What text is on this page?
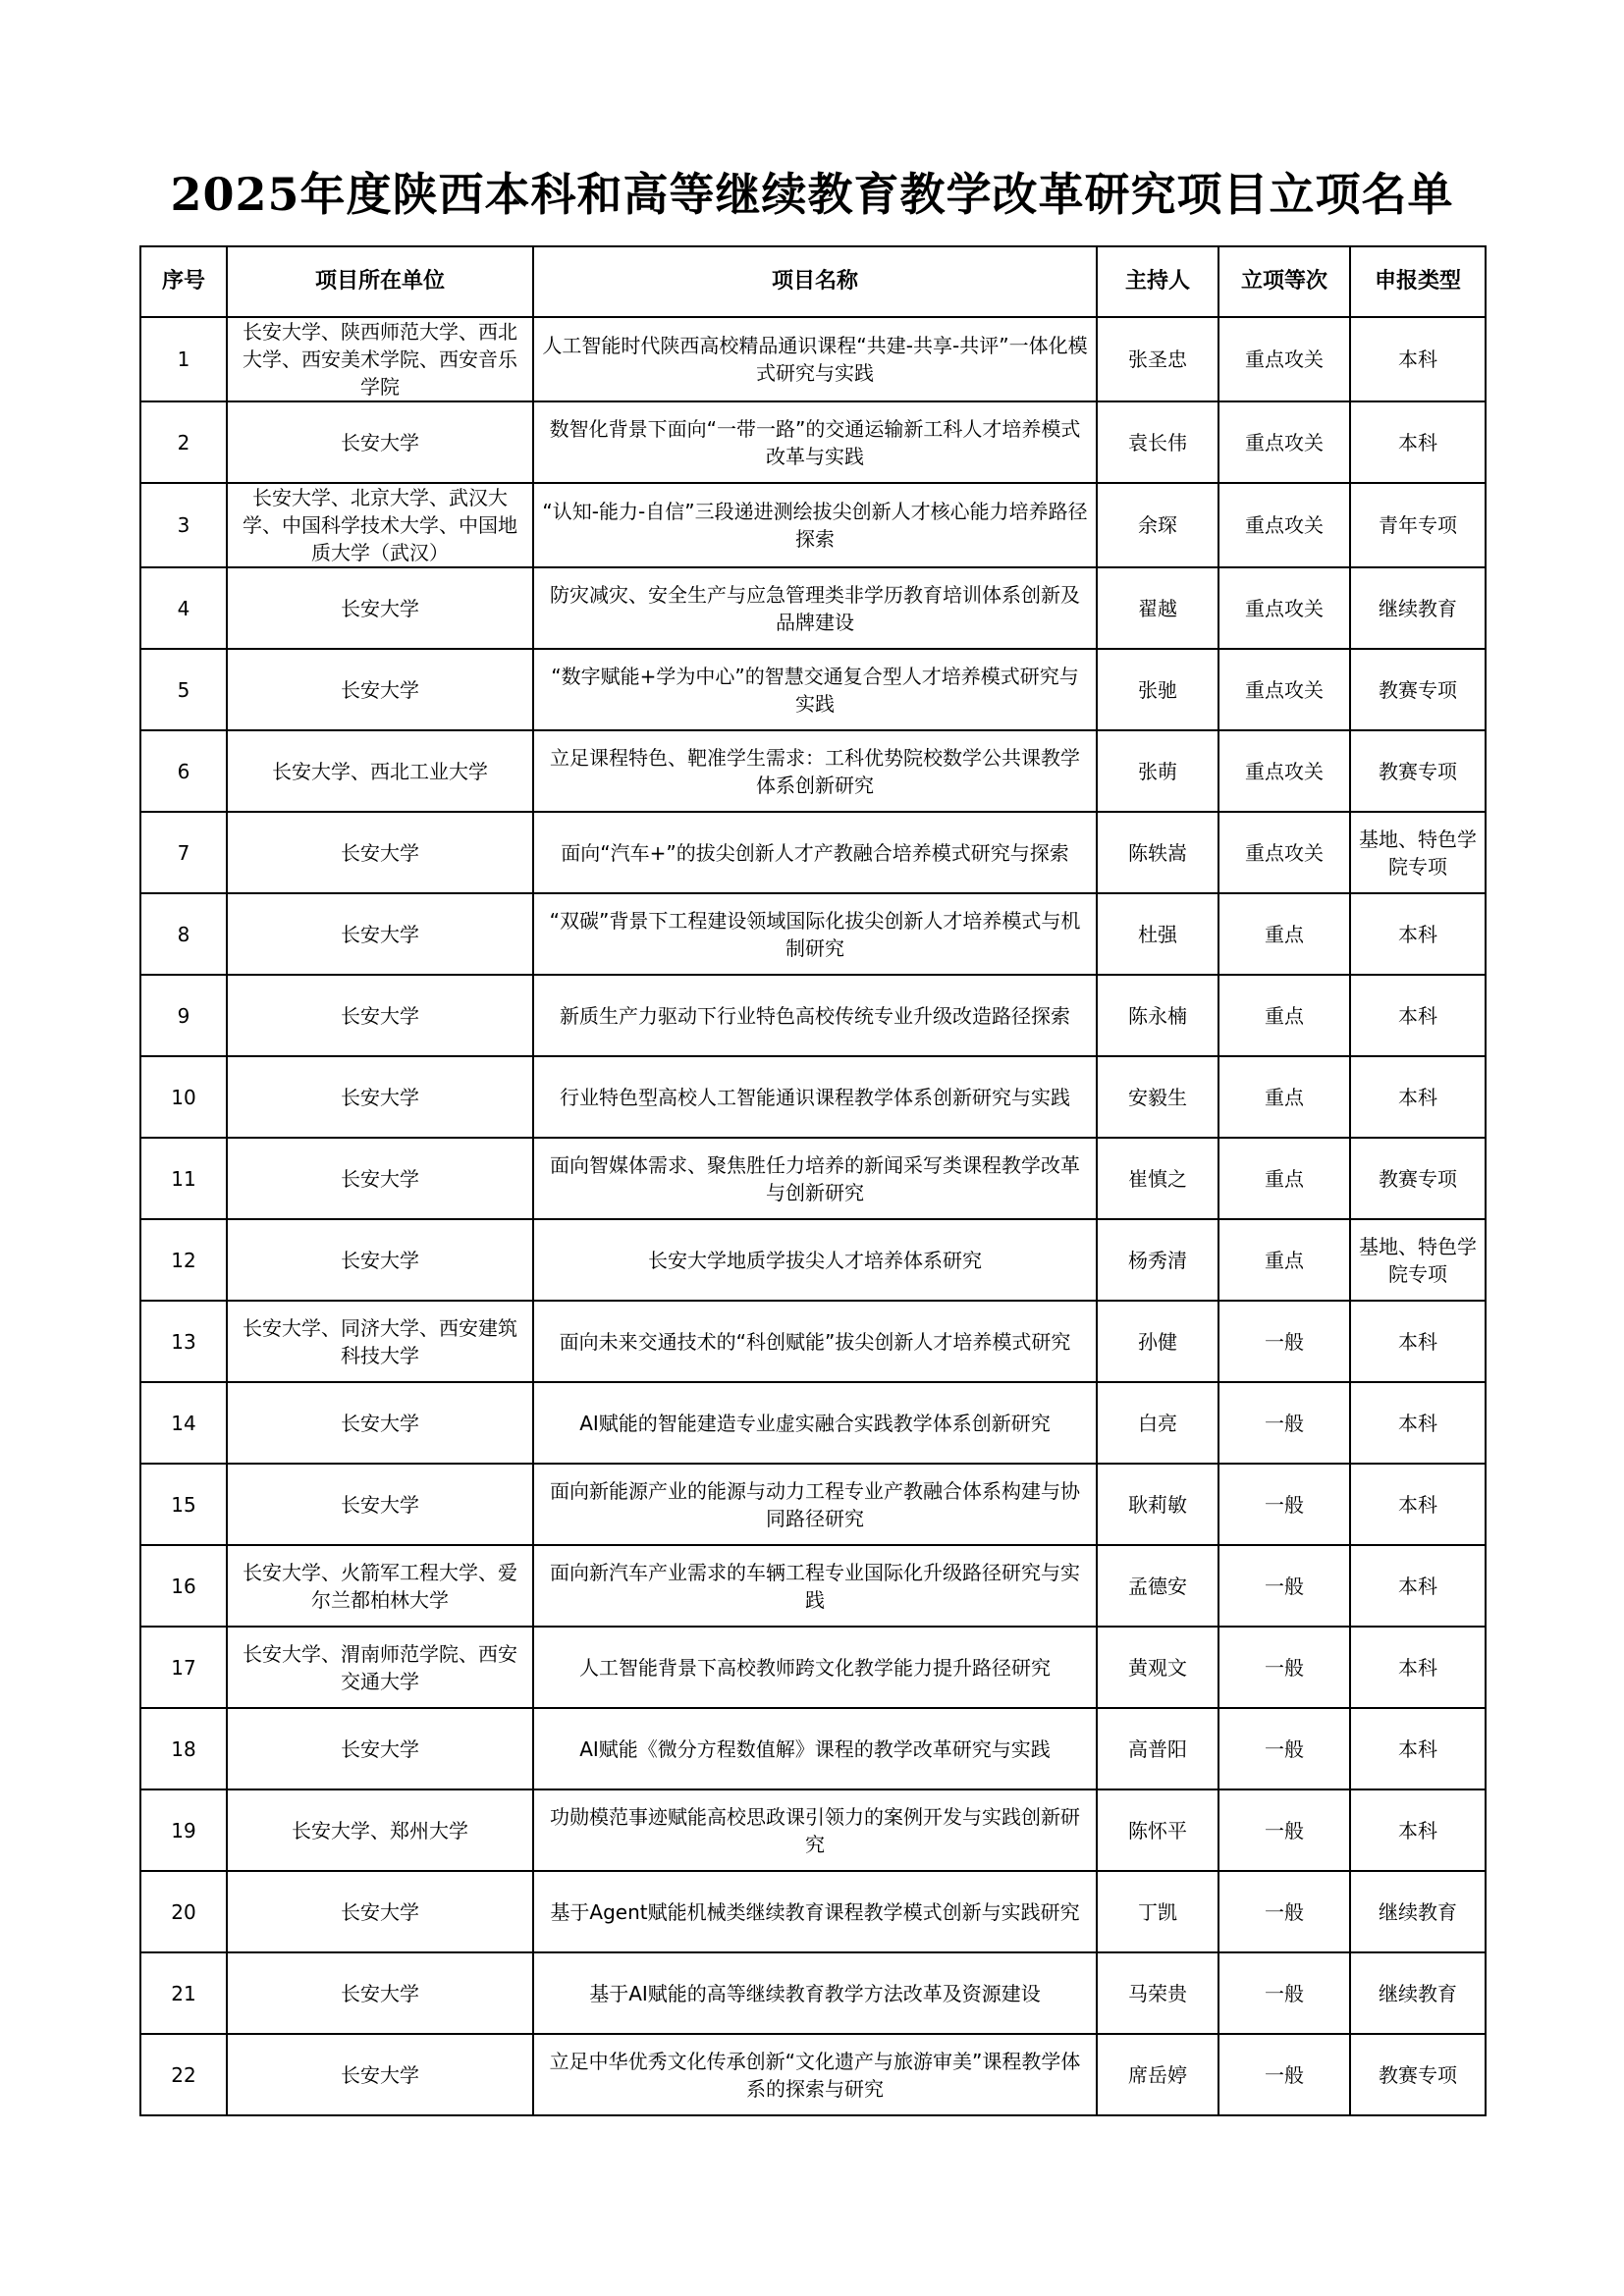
2025年度陕西本科和高等继续教育教学改革研究项目立项名单
序号	项目所在单位	项目名称	主持人	立项等次	申报类型
1	长安大学、陕西师范大学、西北大学、西安美术学院、西安音乐学院	人工智能时代陕西高校精品通识课程“共建-共享-共评”一体化模式研究与实践	张圣忠	重点攻关	本科
2	长安大学	数智化背景下面向“一带一路”的交通运输新工科人才培养模式改革与实践	袁长伟	重点攻关	本科
3	长安大学、北京大学、武汉大学、中国科学技术大学、中国地质大学（武汉）	“认知-能力-自信”三段递进测绘拔尖创新人才核心能力培养路径探索	余琛	重点攻关	青年专项
4	长安大学	防灾减灾、安全生产与应急管理类非学历教育培训体系创新及品牌建设	翟越	重点攻关	继续教育
5	长安大学	“数字赋能+学为中心”的智慧交通复合型人才培养模式研究与实践	张驰	重点攻关	教赛专项
6	长安大学、西北工业大学	立足课程特色、靶准学生需求：工科优势院校数学公共课教学体系创新研究	张萌	重点攻关	教赛专项
7	长安大学	面向“汽车+”的拔尖创新人才产教融合培养模式研究与探索	陈轶嵩	重点攻关	基地、特色学院专项
8	长安大学	“双碳”背景下工程建设领域国际化拔尖创新人才培养模式与机制研究	杜强	重点	本科
9	长安大学	新质生产力驱动下行业特色高校传统专业升级改造路径探索	陈永楠	重点	本科
10	长安大学	行业特色型高校人工智能通识课程教学体系创新研究与实践	安毅生	重点	本科
11	长安大学	面向智媒体需求、聚焦胜任力培养的新闻采写类课程教学改革与创新研究	崔慎之	重点	教赛专项
12	长安大学	长安大学地质学拔尖人才培养体系研究	杨秀清	重点	基地、特色学院专项
13	长安大学、同济大学、西安建筑科技大学	面向未来交通技术的“科创赋能”拔尖创新人才培养模式研究	孙健	一般	本科
14	长安大学	AI赋能的智能建造专业虚实融合实践教学体系创新研究	白亮	一般	本科
15	长安大学	面向新能源产业的能源与动力工程专业产教融合体系构建与协同路径研究	耿莉敏	一般	本科
16	长安大学、火箭军工程大学、爱尔兰都柏林大学	面向新汽车产业需求的车辆工程专业国际化升级路径研究与实践	孟德安	一般	本科
17	长安大学、渭南师范学院、西安交通大学	人工智能背景下高校教师跨文化教学能力提升路径研究	黄观文	一般	本科
18	长安大学	AI赋能《微分方程数值解》课程的教学改革研究与实践	高普阳	一般	本科
19	长安大学、郑州大学	功勋模范事迹赋能高校思政课引领力的案例开发与实践创新研究	陈怀平	一般	本科
20	长安大学	基于Agent赋能机械类继续教育课程教学模式创新与实践研究	丁凯	一般	继续教育
21	长安大学	基于AI赋能的高等继续教育教学方法改革及资源建设	马荣贵	一般	继续教育
22	长安大学	立足中华优秀文化传承创新“文化遗产与旅游审美”课程教学体系的探索与研究	席岳婷	一般	教赛专项
